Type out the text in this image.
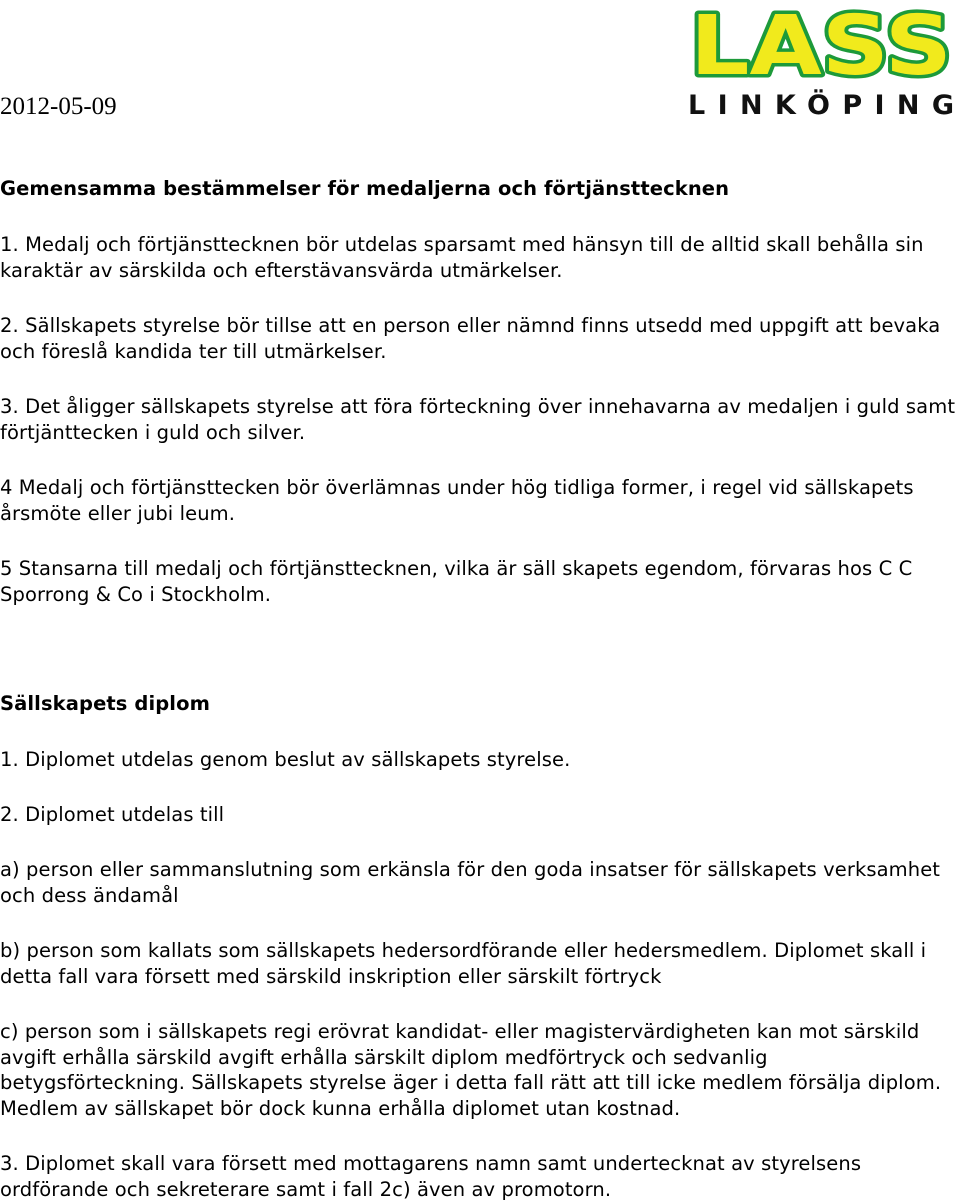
2012-05-09
LASS
LINKÖPING
Gemensamma bestämmelser för medaljerna och förtjänsttecknen
1. Medalj och förtjänsttecknen bör utdelas sparsamt med hänsyn till de alltid skall behålla sin karaktär av särskilda och efterstävansvärda utmärkelser.
2. Sällskapets styrelse bör tillse att en person eller nämnd finns utsedd med uppgift att bevaka och föreslå kandida ter till utmärkelser.
3. Det åligger sällskapets styrelse att föra förteckning över innehavarna av medaljen i guld samt förtjänttecken i guld och silver.
4 Medalj och förtjänsttecken bör överlämnas under hög tidliga former, i regel vid sällskapets årsmöte eller jubi leum.
5 Stansarna till medalj och förtjänsttecknen, vilka är säll skapets egendom, förvaras hos C C Sporrong & Co i Stockholm.
Sällskapets diplom
1. Diplomet utdelas genom beslut av sällskapets styrelse.
2. Diplomet utdelas till
a) person eller sammanslutning som erkänsla för den goda insatser för sällskapets verksamhet och dess ändamål
b) person som kallats som sällskapets hedersordförande eller hedersmedlem. Diplomet skall i detta fall vara försett med särskild inskription eller särskilt förtryck
c) person som i sällskapets regi erövrat kandidat- eller magistervärdigheten kan mot särskild avgift erhålla särskild avgift erhålla särskilt diplom medförtryck och sedvanlig betygsförteckning. Sällskapets styrelse äger i detta fall rätt att till icke medlem försälja diplom. Medlem av sällskapet bör dock kunna erhålla diplomet utan kostnad.
3. Diplomet skall vara försett med mottagarens namn samt undertecknat av styrelsens ordförande och sekreterare samt i fall 2c) även av promotorn.
